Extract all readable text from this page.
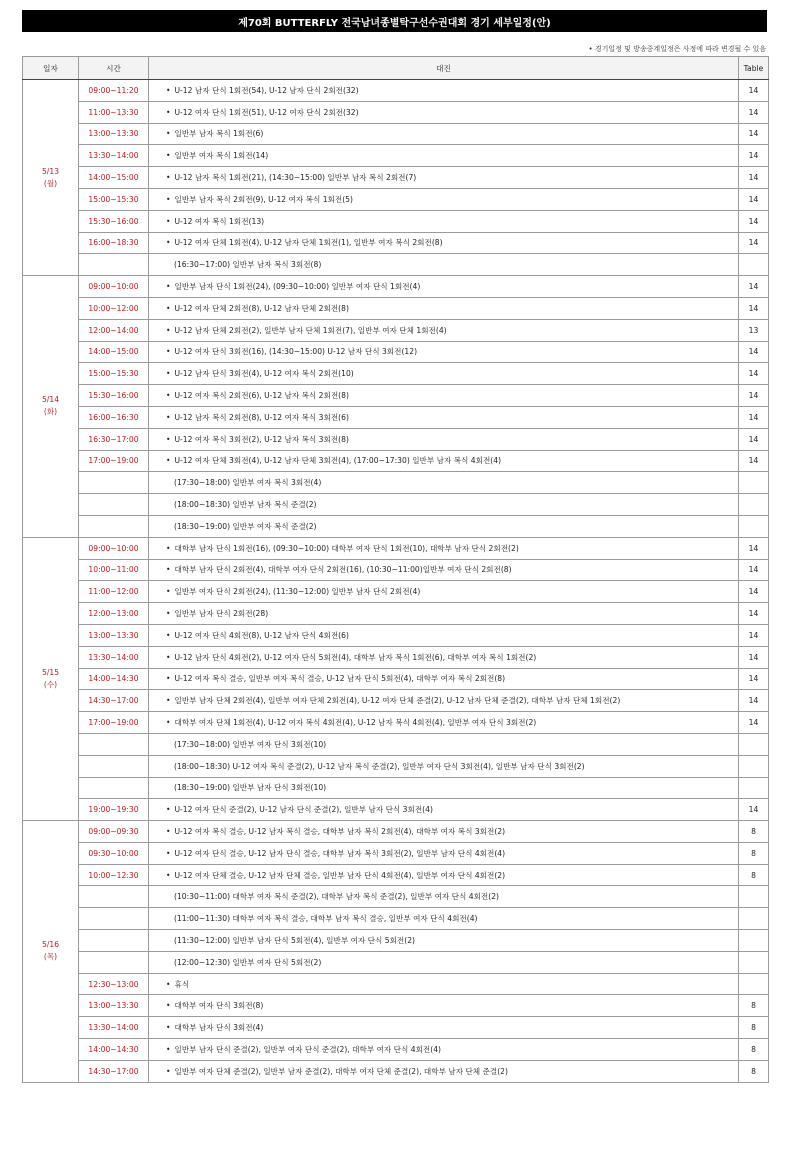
제70회 BUTTERFLY 전국남녀종별탁구선수권대회 경기 세부일정(안)
• 경기일정 및 방송중계일정은 사정에 따라 변경될 수 있음
일자	시간	대진	Table

5/13
(월)	09:00~11:20	• U-12 남자 단식 1회전(54), U-12 남자 단식 2회전(32)	14
	11:00~13:30	• U-12 여자 단식 1회전(51), U-12 여자 단식 2회전(32)	14
	13:00~13:30	• 일반부 남자 복식 1회전(6)	14
	13:30~14:00	• 일반부 여자 복식 1회전(14)	14
	14:00~15:00	• U-12 남자 복식 1회전(21), (14:30~15:00) 일반부 남자 복식 2회전(7)	14
	15:00~15:30	• 일반부 남자 복식 2회전(9), U-12 여자 복식 1회전(5)	14
	15:30~16:00	• U-12 여자 복식 1회전(13)	14
	16:00~18:30	• U-12 여자 단체 1회전(4), U-12 남자 단체 1회전(1), 일반부 여자 복식 2회전(8)	14
		(16:30~17:00) 일반부 남자 복식 3회전(8)	

5/14
(화)	09:00~10:00	• 일반부 남자 단식 1회전(24), (09:30~10:00) 일반부 여자 단식 1회전(4)	14
	10:00~12:00	• U-12 여자 단체 2회전(8), U-12 남자 단체 2회전(8)	14
	12:00~14:00	• U-12 남자 단체 2회전(2), 일반부 남자 단체 1회전(7), 일반부 여자 단체 1회전(4)	13
	14:00~15:00	• U-12 여자 단식 3회전(16), (14:30~15:00) U-12 남자 단식 3회전(12)	14
	15:00~15:30	• U-12 남자 단식 3회전(4), U-12 여자 복식 2회전(10)	14
	15:30~16:00	• U-12 여자 복식 2회전(6), U-12 남자 복식 2회전(8)	14
	16:00~16:30	• U-12 남자 복식 2회전(8), U-12 여자 복식 3회전(6)	14
	16:30~17:00	• U-12 여자 복식 3회전(2), U-12 남자 복식 3회전(8)	14
	17:00~19:00	• U-12 여자 단체 3회전(4), U-12 남자 단체 3회전(4), (17:00~17:30) 일반부 남자 복식 4회전(4)	14
		(17:30~18:00) 일반부 여자 복식 3회전(4)	
		(18:00~18:30) 일반부 남자 복식 준결(2)	
		(18:30~19:00) 일반부 여자 복식 준결(2)	

5/15
(수)	09:00~10:00	• 대학부 남자 단식 1회전(16), (09:30~10:00) 대학부 여자 단식 1회전(10), 대학부 남자 단식 2회전(2)	14
	10:00~11:00	• 대학부 남자 단식 2회전(4), 대학부 여자 단식 2회전(16), (10:30~11:00)일반부 여자 단식 2회전(8)	14
	11:00~12:00	• 일반부 여자 단식 2회전(24), (11:30~12:00) 일반부 남자 단식 2회전(4)	14
	12:00~13:00	• 일반부 남자 단식 2회전(28)	14
	13:00~13:30	• U-12 여자 단식 4회전(8), U-12 남자 단식 4회전(6)	14
	13:30~14:00	• U-12 남자 단식 4회전(2), U-12 여자 단식 5회전(4), 대학부 남자 복식 1회전(6), 대학부 여자 복식 1회전(2)	14
	14:00~14:30	• U-12 여자 복식 결승, 일반부 여자 복식 결승, U-12 남자 단식 5회전(4), 대학부 여자 복식 2회전(8)	14
	14:30~17:00	• 일반부 남자 단체 2회전(4), 일반부 여자 단체 2회전(4), U-12 여자 단체 준결(2), U-12 남자 단체 준결(2), 대학부 남자 단체 1회전(2)	14
	17:00~19:00	• 대학부 여자 단체 1회전(4), U-12 여자 복식 4회전(4), U-12 남자 복식 4회전(4), 일반부 여자 단식 3회전(2)	14
		(17:30~18:00) 일반부 여자 단식 3회전(10)	
		(18:00~18:30) U-12 여자 복식 준결(2), U-12 남자 복식 준결(2), 일반부 여자 단식 3회전(4), 일반부 남자 단식 3회전(2)	
		(18:30~19:00) 일반부 남자 단식 3회전(10)	
	19:00~19:30	• U-12 여자 단식 준결(2), U-12 남자 단식 준결(2), 일반부 남자 단식 3회전(4)	14

5/16
(목)	09:00~09:30	• U-12 여자 복식 결승, U-12 남자 복식 결승, 대학부 남자 복식 2회전(4), 대학부 여자 복식 3회전(2)	8
	09:30~10:00	• U-12 여자 단식 결승, U-12 남자 단식 결승, 대학부 남자 복식 3회전(2), 일반부 남자 단식 4회전(4)	8
	10:00~12:30	• U-12 여자 단체 결승, U-12 남자 단체 결승, 일반부 남자 단식 4회전(4), 일반부 여자 단식 4회전(2)	8
		(10:30~11:00) 대학부 여자 복식 준결(2), 대학부 남자 복식 준결(2), 일반부 여자 단식 4회전(2)	
		(11:00~11:30) 대학부 여자 복식 결승, 대학부 남자 복식 결승, 일반부 여자 단식 4회전(4)	
		(11:30~12:00) 일반부 남자 단식 5회전(4), 일반부 여자 단식 5회전(2)	
		(12:00~12:30) 일반부 여자 단식 5회전(2)	
	12:30~13:00	• 휴식	
	13:00~13:30	• 대학부 여자 단식 3회전(8)	8
	13:30~14:00	• 대학부 남자 단식 3회전(4)	8
	14:00~14:30	• 일반부 남자 단식 준결(2), 일반부 여자 단식 준결(2), 대학부 여자 단식 4회전(4)	8
	14:30~17:00	• 일반부 여자 단체 준결(2), 일반부 남자 준결(2), 대학부 여자 단체 준결(2), 대학부 남자 단체 준결(2)	8
